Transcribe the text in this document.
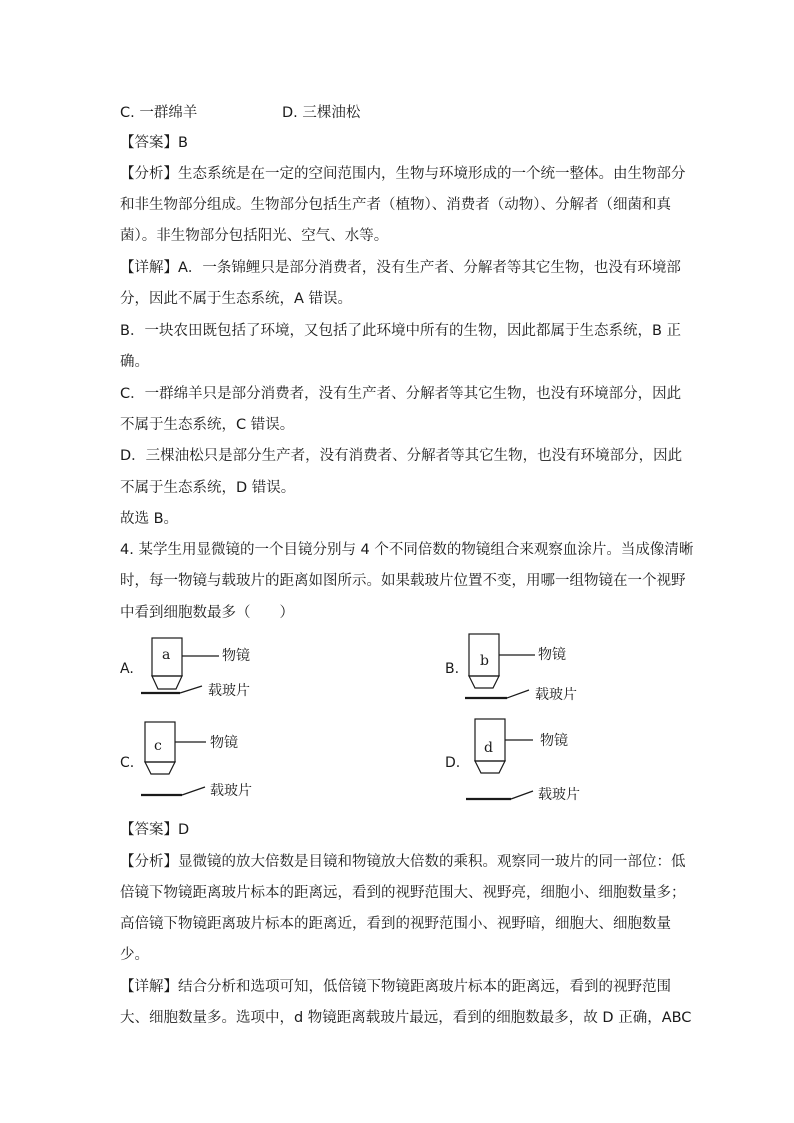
C. 一群绵羊	D. 三棵油松
【答案】B
【分析】生态系统是在一定的空间范围内，生物与环境形成的一个统一整体。由生物部分
和非生物部分组成。生物部分包括生产者（植物）、消费者（动物）、分解者（细菌和真
菌）。非生物部分包括阳光、空气、水等。
【详解】A．一条锦鲤只是部分消费者，没有生产者、分解者等其它生物，也没有环境部
分，因此不属于生态系统，A 错误。
B．一块农田既包括了环境，又包括了此环境中所有的生物，因此都属于生态系统，B 正
确。
C．一群绵羊只是部分消费者，没有生产者、分解者等其它生物，也没有环境部分，因此
不属于生态系统，C 错误。
D．三棵油松只是部分生产者，没有消费者、分解者等其它生物，也没有环境部分，因此
不属于生态系统，D 错误。
故选 B。
4. 某学生用显微镜的一个目镜分别与 4 个不同倍数的物镜组合来观察血涂片。当成像清晰
时，每一物镜与载玻片的距离如图所示。如果载玻片位置不变，用哪一组物镜在一个视野
中看到细胞数最多（　　）
A.	B.
C.	D.
a	b
c	d
物镜	物镜
物镜	物镜
载玻片	载玻片
载玻片	载玻片
【答案】D
【分析】显微镜的放大倍数是目镜和物镜放大倍数的乘积。观察同一玻片的同一部位：低
倍镜下物镜距离玻片标本的距离远，看到的视野范围大、视野亮，细胞小、细胞数量多；
高倍镜下物镜距离玻片标本的距离近，看到的视野范围小、视野暗，细胞大、细胞数量
少。
【详解】结合分析和选项可知，低倍镜下物镜距离玻片标本的距离远，看到的视野范围
大、细胞数量多。选项中，d 物镜距离载玻片最远，看到的细胞数最多，故 D 正确，ABC
